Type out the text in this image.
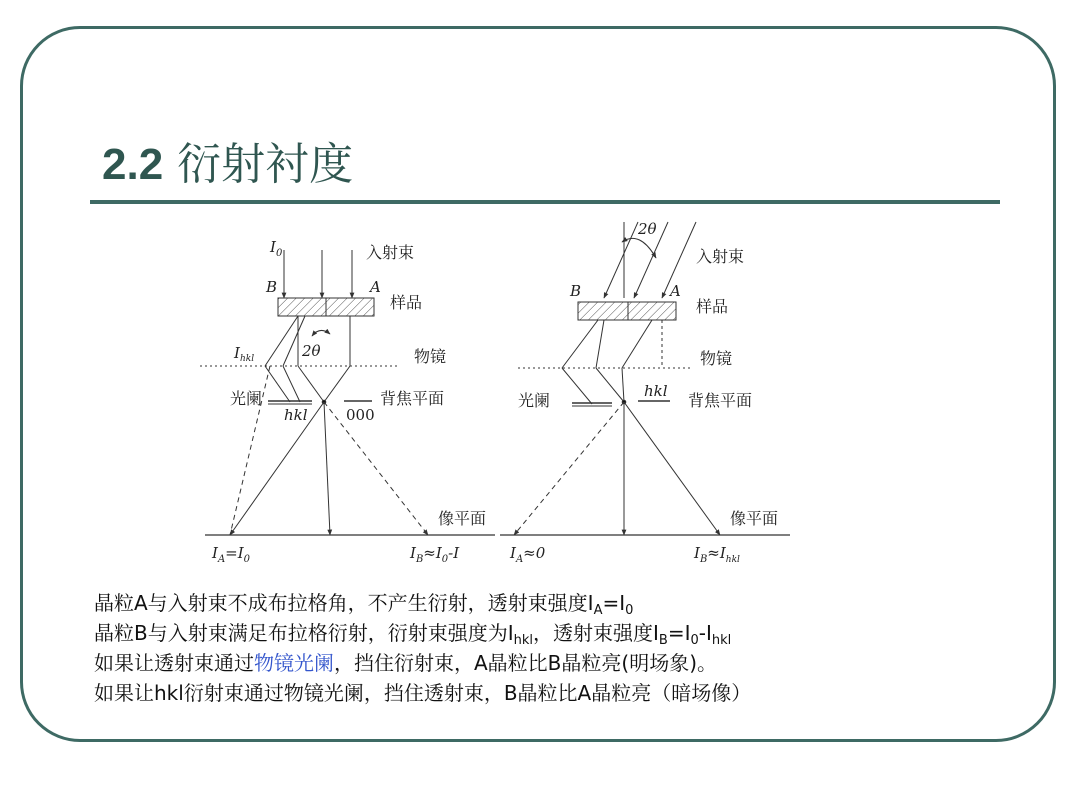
2.2 衍射衬度
$I_0$	入射束
B	A
样品
$I_{hkl}$	2θ	物镜
光阑
hkl	000
背焦平面
像平面
$I_A=I_0$	$I_B\approx I_0-I$
2θ
入射束
B	A
样品
物镜
光阑	hkl 背焦平面
像平面
$I_A\approx 0$	$I_B\approx I_{hkl}$
晶粒A与入射束不成布拉格角，不产生衍射，透射束强度$I_A=I_0$
晶粒B与入射束满足布拉格衍射，衍射束强度为$I_{hkl}$，透射束强度$I_B=I_0-I_{hkl}$
如果让透射束通过物镜光阑，挡住衍射束，A晶粒比B晶粒亮(明场象)。
如果让hkl衍射束通过物镜光阑，挡住透射束，B晶粒比A晶粒亮（暗场像）
